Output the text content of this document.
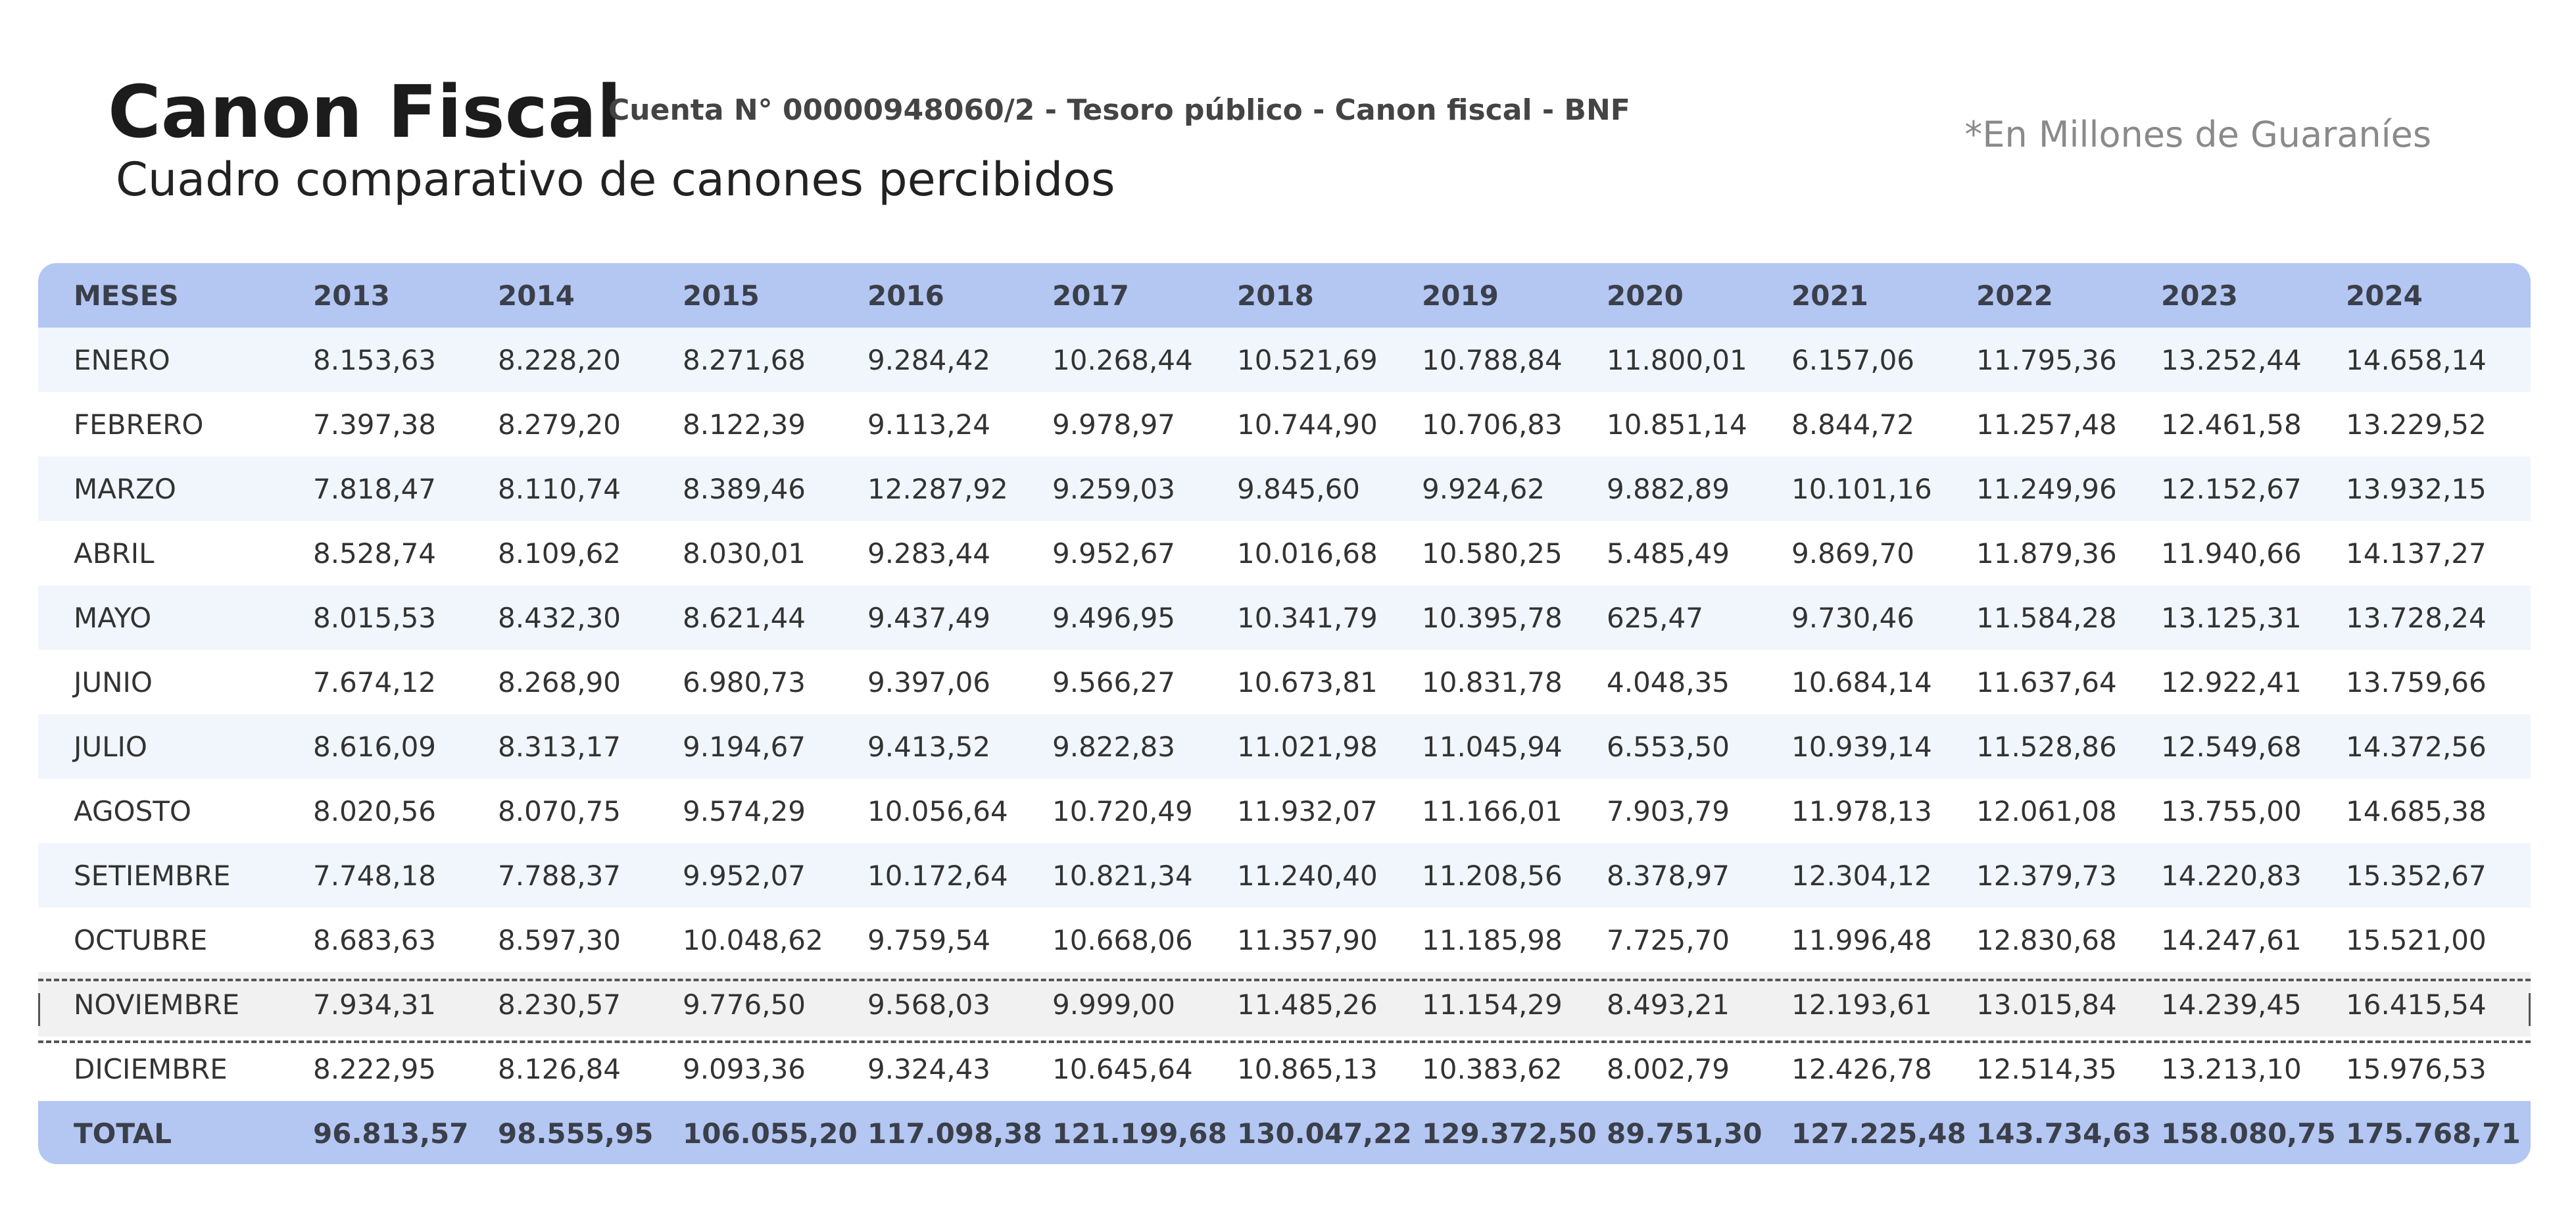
Canon Fiscal
Cuenta N° 00000948060/2 - Tesoro público - Canon fiscal - BNF
Cuadro comparativo de canones percibidos
*En Millones de Guaraníes
MESES	2013	2014	2015	2016	2017	2018	2019	2020	2021	2022	2023	2024
ENERO	8.153,63	8.228,20	8.271,68	9.284,42	10.268,44	10.521,69	10.788,84	11.800,01	6.157,06	11.795,36	13.252,44	14.658,14
FEBRERO	7.397,38	8.279,20	8.122,39	9.113,24	9.978,97	10.744,90	10.706,83	10.851,14	8.844,72	11.257,48	12.461,58	13.229,52
MARZO	7.818,47	8.110,74	8.389,46	12.287,92	9.259,03	9.845,60	9.924,62	9.882,89	10.101,16	11.249,96	12.152,67	13.932,15
ABRIL	8.528,74	8.109,62	8.030,01	9.283,44	9.952,67	10.016,68	10.580,25	5.485,49	9.869,70	11.879,36	11.940,66	14.137,27
MAYO	8.015,53	8.432,30	8.621,44	9.437,49	9.496,95	10.341,79	10.395,78	625,47	9.730,46	11.584,28	13.125,31	13.728,24
JUNIO	7.674,12	8.268,90	6.980,73	9.397,06	9.566,27	10.673,81	10.831,78	4.048,35	10.684,14	11.637,64	12.922,41	13.759,66
JULIO	8.616,09	8.313,17	9.194,67	9.413,52	9.822,83	11.021,98	11.045,94	6.553,50	10.939,14	11.528,86	12.549,68	14.372,56
AGOSTO	8.020,56	8.070,75	9.574,29	10.056,64	10.720,49	11.932,07	11.166,01	7.903,79	11.978,13	12.061,08	13.755,00	14.685,38
SETIEMBRE	7.748,18	7.788,37	9.952,07	10.172,64	10.821,34	11.240,40	11.208,56	8.378,97	12.304,12	12.379,73	14.220,83	15.352,67
OCTUBRE	8.683,63	8.597,30	10.048,62	9.759,54	10.668,06	11.357,90	11.185,98	7.725,70	11.996,48	12.830,68	14.247,61	15.521,00
NOVIEMBRE	7.934,31	8.230,57	9.776,50	9.568,03	9.999,00	11.485,26	11.154,29	8.493,21	12.193,61	13.015,84	14.239,45	16.415,54
DICIEMBRE	8.222,95	8.126,84	9.093,36	9.324,43	10.645,64	10.865,13	10.383,62	8.002,79	12.426,78	12.514,35	13.213,10	15.976,53
TOTAL	96.813,57	98.555,95	106.055,20	117.098,38	121.199,68	130.047,22	129.372,50	89.751,30	127.225,48	143.734,63	158.080,75	175.768,71
